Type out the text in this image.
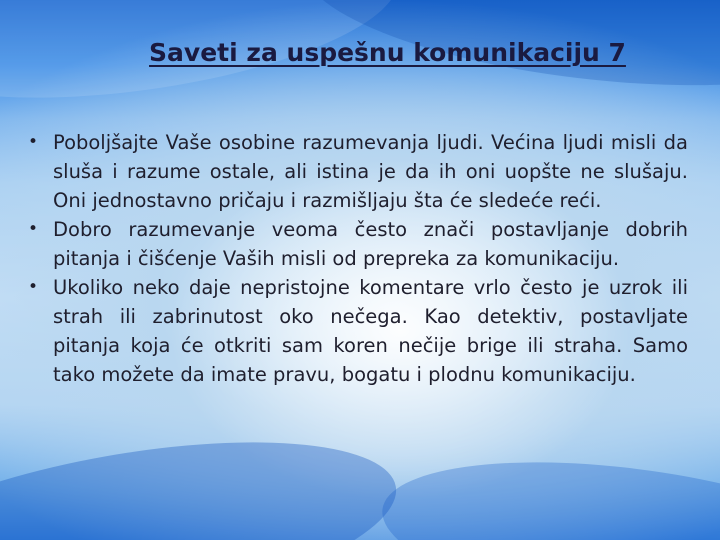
Saveti za uspešnu komunikaciju 7
• Poboljšajte Vaše osobine razumevanja ljudi. Većina ljudi misli da sluša i razume ostale, ali istina je da ih oni uopšte ne slušaju. Oni jednostavno pričaju i razmišljaju šta će sledeće reći.
• Dobro razumevanje veoma često znači postavljanje dobrih pitanja i čišćenje Vaših misli od prepreka za komunikaciju.
• Ukoliko neko daje nepristojne komentare vrlo često je uzrok ili strah ili zabrinutost oko nečega. Kao detektiv, postavljate pitanja koja će otkriti sam koren nečije brige ili straha. Samo tako možete da imate pravu, bogatu i plodnu komunikaciju.
